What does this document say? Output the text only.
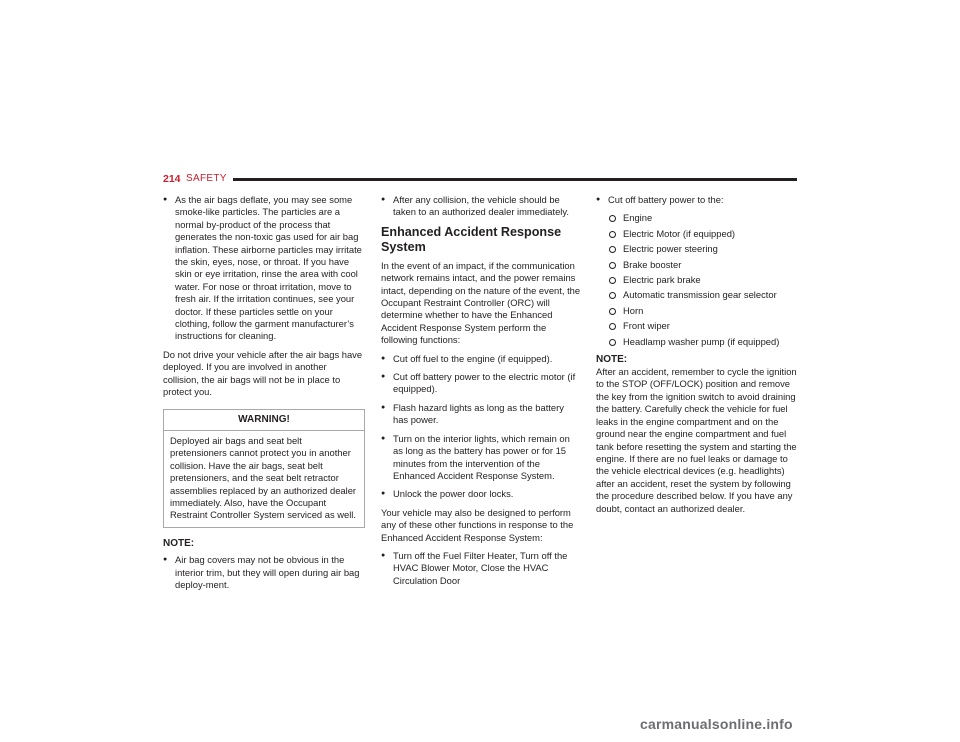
214 SAFETY
● As the air bags deflate, you may see some smoke-like particles. The particles are a normal by-product of the process that generates the non-toxic gas used for air bag inflation. These airborne particles may irritate the skin, eyes, nose, or throat. If you have skin or eye irritation, rinse the area with cool water. For nose or throat irritation, move to fresh air. If the irritation continues, see your doctor. If these particles settle on your clothing, follow the garment manufacturer’s instructions for cleaning.

Do not drive your vehicle after the air bags have deployed. If you are involved in another collision, the air bags will not be in place to protect you.

WARNING!
Deployed air bags and seat belt pretensioners cannot protect you in another collision. Have the air bags, seat belt pretensioners, and the seat belt retractor assemblies replaced by an authorized dealer immediately. Also, have the Occupant Restraint Controller System serviced as well.
NOTE:
● Air bag covers may not be obvious in the interior trim, but they will open during air bag deploy-ment.
● After any collision, the vehicle should be taken to an authorized dealer immediately.
Enhanced Accident Response System

In the event of an impact, if the communication network remains intact, and the power remains intact, depending on the nature of the event, the Occupant Restraint Controller (ORC) will determine whether to have the Enhanced Accident Response System perform the following functions:

● Cut off fuel to the engine (if equipped).
● Cut off battery power to the electric motor (if equipped).
● Flash hazard lights as long as the battery has power.
● Turn on the interior lights, which remain on as long as the battery has power or for 15 minutes from the intervention of the Enhanced Accident Response System.
● Unlock the power door locks.

Your vehicle may also be designed to perform any of these other functions in response to the Enhanced Accident Response System:

● Turn off the Fuel Filter Heater, Turn off the HVAC Blower Motor, Close the HVAC Circulation Door
● Cut off battery power to the:
Engine
Electric Motor (if equipped)
Electric power steering
Brake booster
Electric park brake
Automatic transmission gear selector
Horn
Front wiper
Headlamp washer pump (if equipped)
NOTE:

After an accident, remember to cycle the ignition to the STOP (OFF/LOCK) position and remove the key from the ignition switch to avoid draining the battery. Carefully check the vehicle for fuel leaks in the engine compartment and on the ground near the engine compartment and fuel tank before resetting the system and starting the engine. If there are no fuel leaks or damage to the vehicle electrical devices (e.g. headlights) after an accident, reset the system by following the procedure described below. If you have any doubt, contact an authorized dealer.

carmanualsonline.info
